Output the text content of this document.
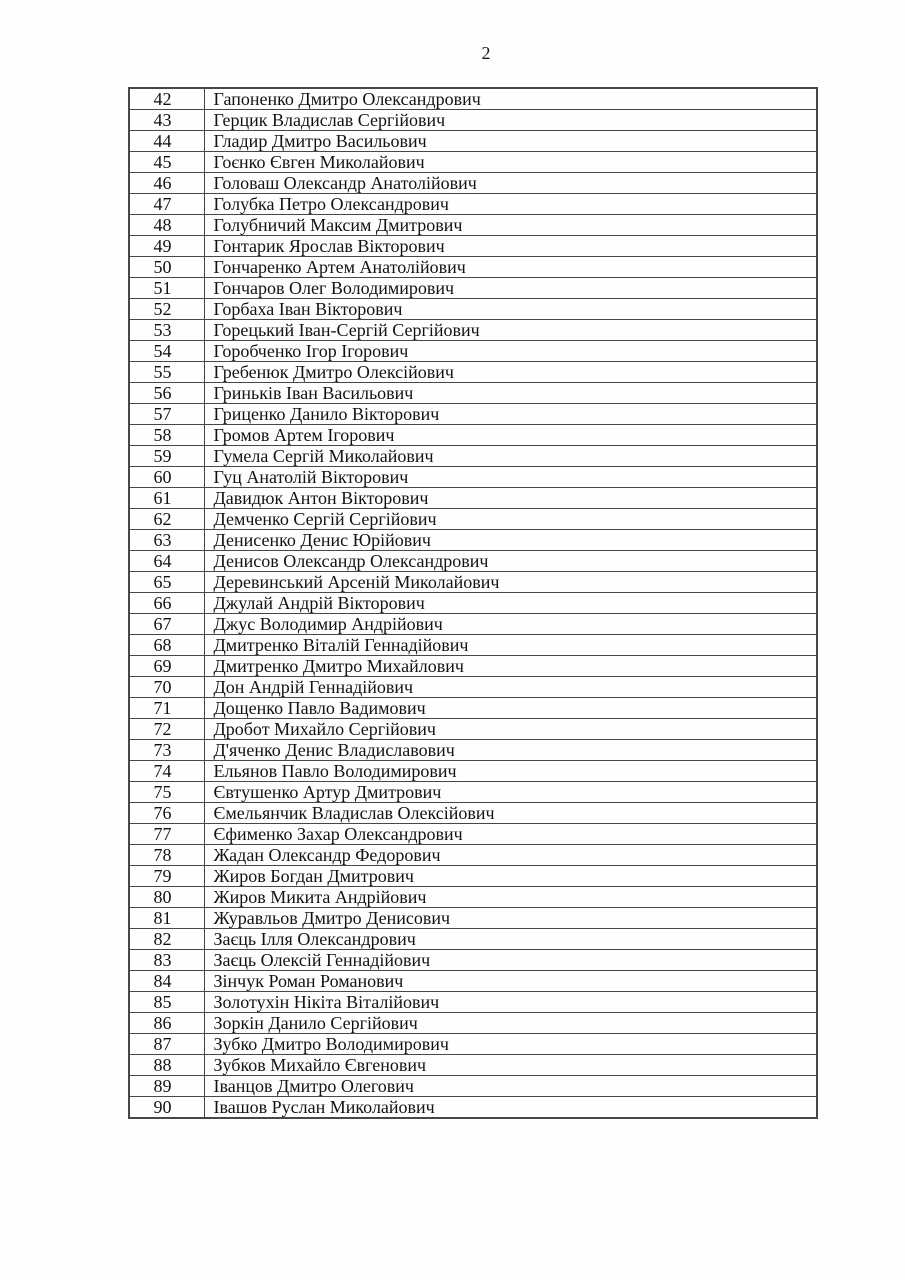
2
42	Гапоненко Дмитро Олександрович
43	Герцик Владислав Сергійович
44	Гладир Дмитро Васильович
45	Гоєнко Євген Миколайович
46	Головаш Олександр Анатолійович
47	Голубка Петро Олександрович
48	Голубничий Максим Дмитрович
49	Гонтарик Ярослав Вікторович
50	Гончаренко Артем Анатолійович
51	Гончаров Олег Володимирович
52	Горбаха Іван Вікторович
53	Горецький Іван-Сергій Сергійович
54	Горобченко Ігор Ігорович
55	Гребенюк Дмитро Олексійович
56	Гриньків Іван Васильович
57	Гриценко Данило Вікторович
58	Громов Артем Ігорович
59	Гумела Сергій Миколайович
60	Гуц Анатолій Вікторович
61	Давидюк Антон Вікторович
62	Демченко Сергій Сергійович
63	Денисенко Денис Юрійович
64	Денисов Олександр Олександрович
65	Деревинський Арсеній Миколайович
66	Джулай Андрій Вікторович
67	Джус Володимир Андрійович
68	Дмитренко Віталій Геннадійович
69	Дмитренко Дмитро Михайлович
70	Дон Андрій Геннадійович
71	Дощенко Павло Вадимович
72	Дробот Михайло Сергійович
73	Д'яченко Денис Владиславович
74	Ельянов Павло Володимирович
75	Євтушенко Артур Дмитрович
76	Ємельянчик Владислав Олексійович
77	Єфименко Захар Олександрович
78	Жадан Олександр Федорович
79	Жиров Богдан Дмитрович
80	Жиров Микита Андрійович
81	Журавльов Дмитро Денисович
82	Заєць Ілля Олександрович
83	Заєць Олексій Геннадійович
84	Зінчук Роман Романович
85	Золотухін Нікіта Віталійович
86	Зоркін Данило Сергійович
87	Зубко Дмитро Володимирович
88	Зубков Михайло Євгенович
89	Іванцов Дмитро Олегович
90	Івашов Руслан Миколайович
